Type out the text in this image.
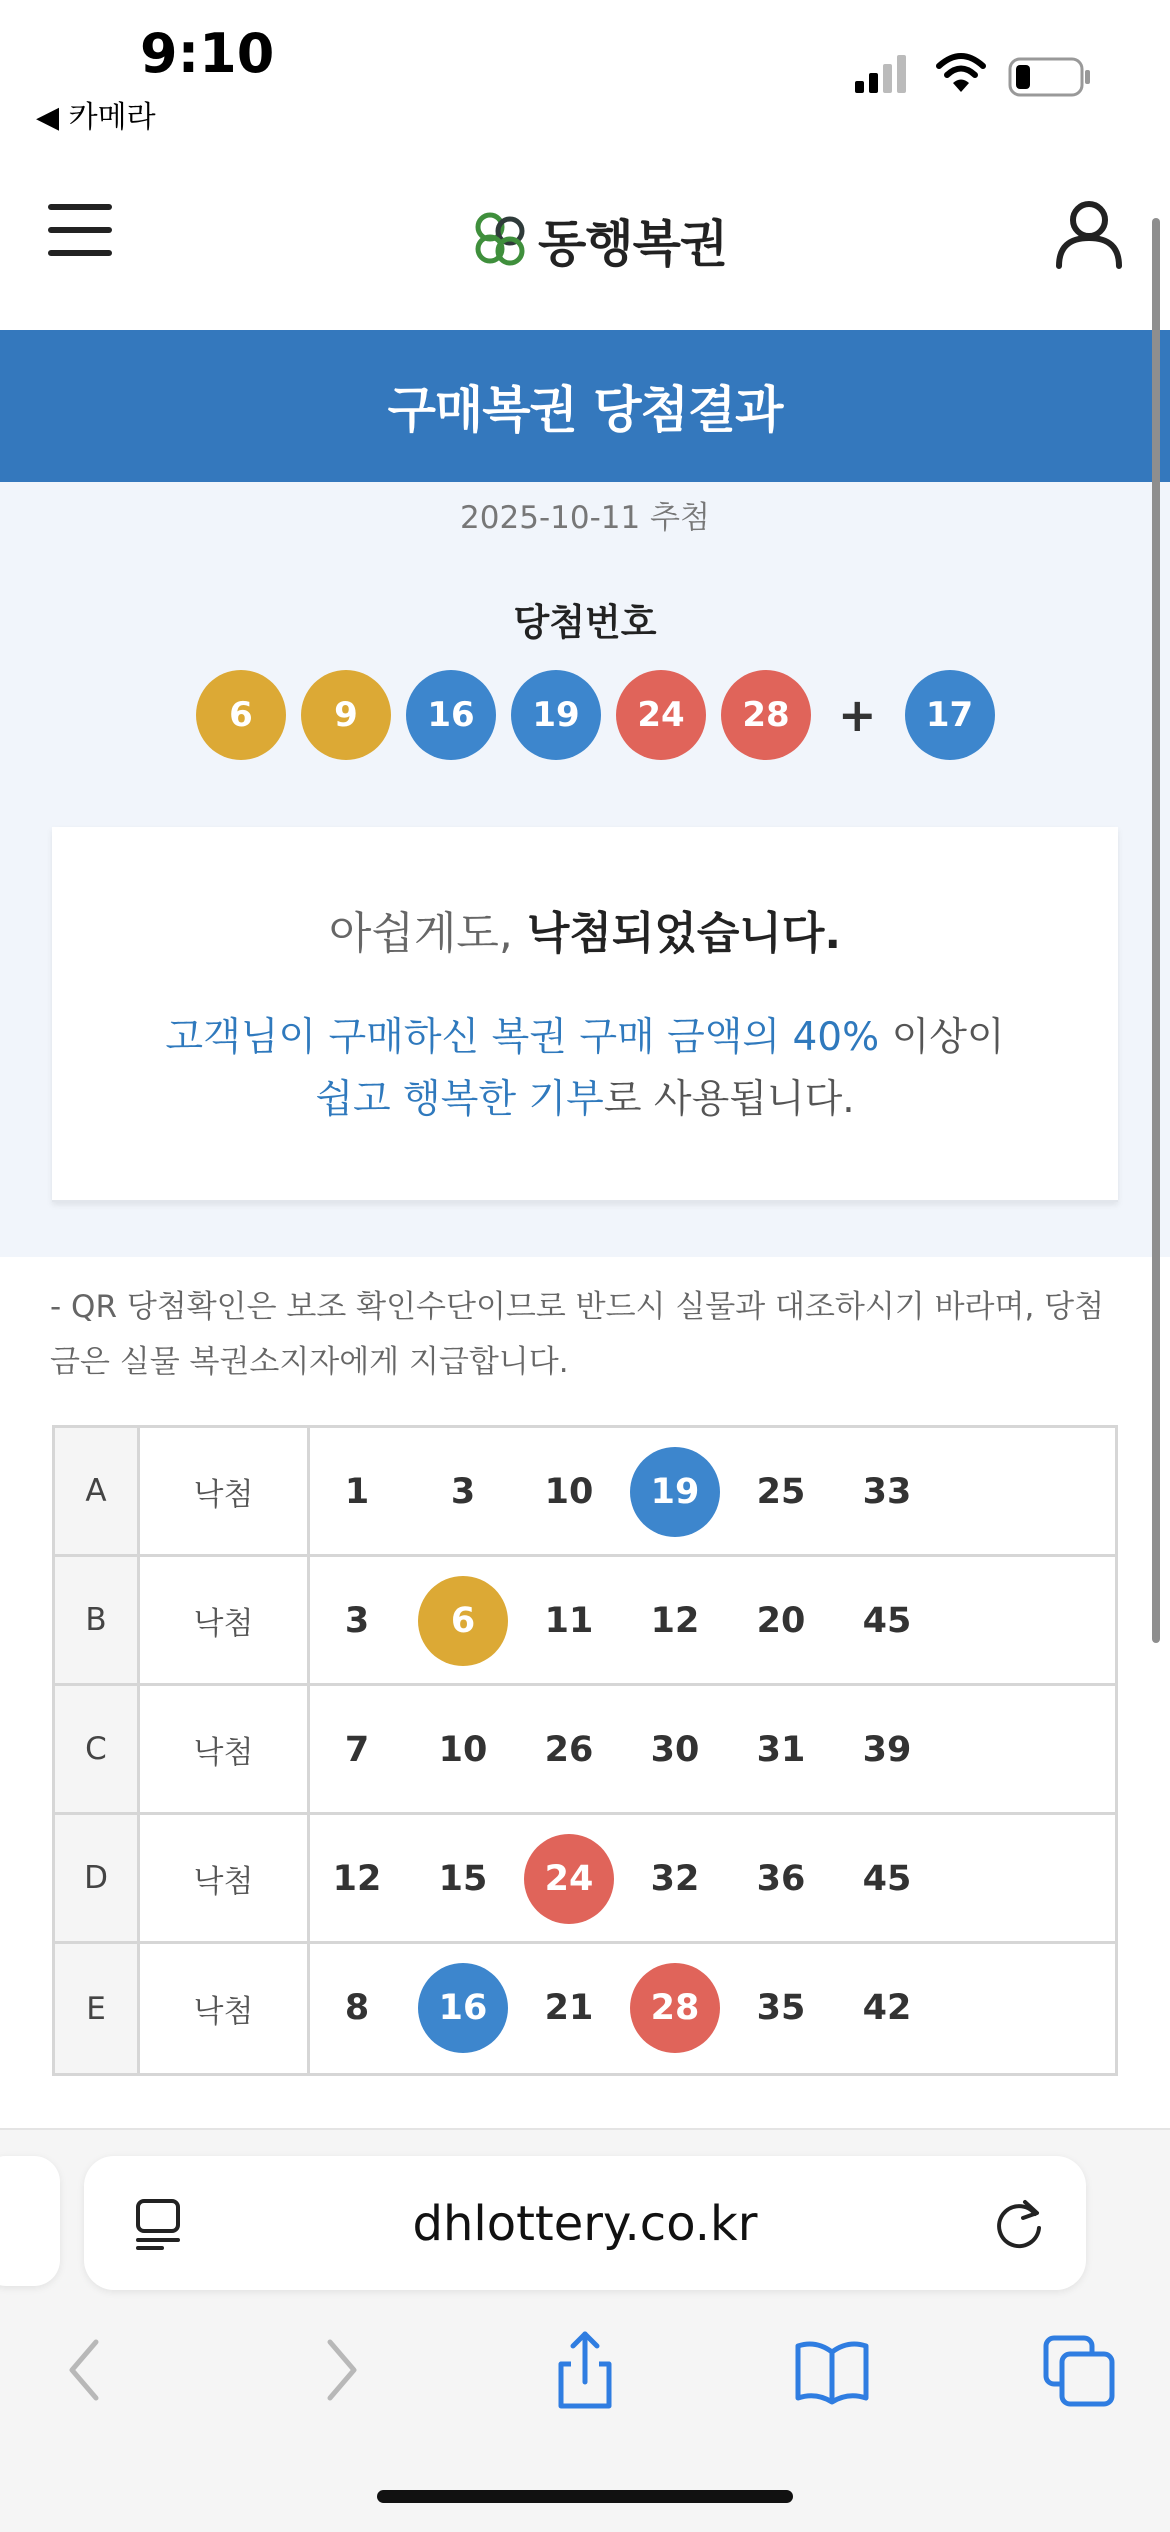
9:10
◀ 카메라
동행복권
구매복권 당첨결과
2025-10-11 추첨
당첨번호
6	9	16	19	24	28	+	17
아쉽게도, 낙첨되었습니다.
고객님이 구매하신 복권 구매 금액의 40% 이상이
쉽고 행복한 기부로 사용됩니다.
- QR 당첨확인은 보조 확인수단이므로 반드시 실물과 대조하시기 바라며, 당첨금은 실물 복권소지자에게 지급합니다.
A	낙첨	1	3	10	19	25	33
B	낙첨	3	6	11	12	20	45
C	낙첨	7	10	26	30	31	39
D	낙첨	12	15	24	32	36	45
E	낙첨	8	16	21	28	35	42
dhlottery.co.kr
